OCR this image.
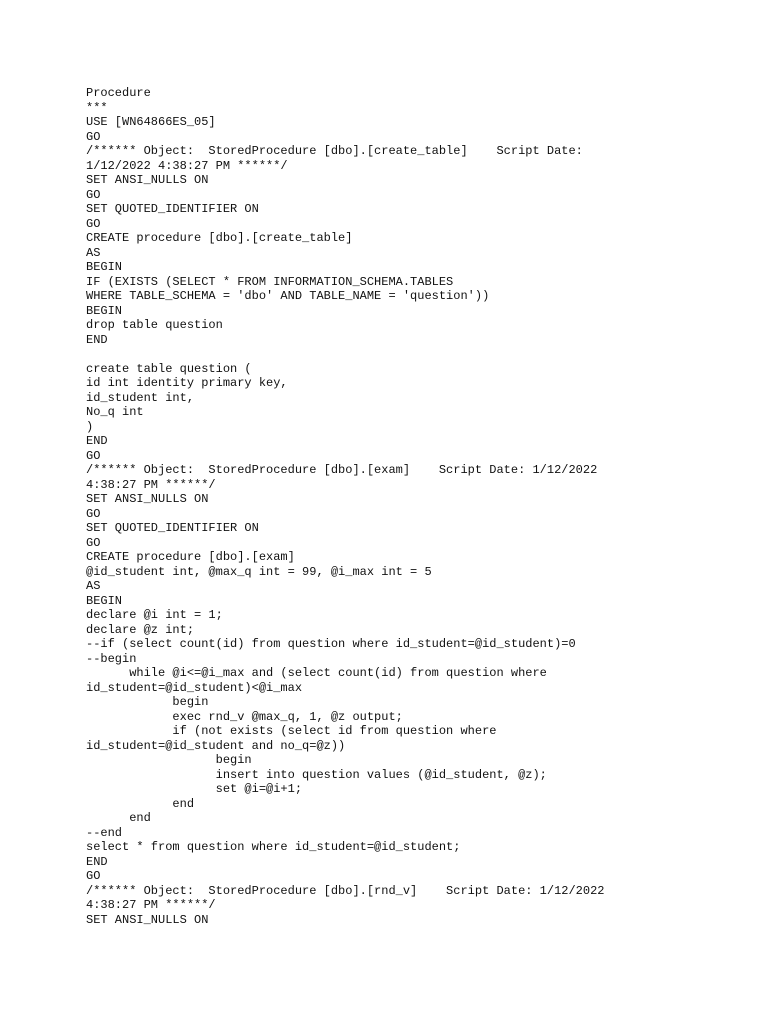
Procedure
***
USE [WN64866ES_05]
GO
/****** Object:  StoredProcedure [dbo].[create_table]    Script Date:
1/12/2022 4:38:27 PM ******/
SET ANSI_NULLS ON
GO
SET QUOTED_IDENTIFIER ON
GO
CREATE procedure [dbo].[create_table]
AS
BEGIN
IF (EXISTS (SELECT * FROM INFORMATION_SCHEMA.TABLES
WHERE TABLE_SCHEMA = 'dbo' AND TABLE_NAME = 'question'))
BEGIN
drop table question
END
create table question (
id int identity primary key,
id_student int,
No_q int
)
END
GO
/****** Object:  StoredProcedure [dbo].[exam]    Script Date: 1/12/2022
4:38:27 PM ******/
SET ANSI_NULLS ON
GO
SET QUOTED_IDENTIFIER ON
GO
CREATE procedure [dbo].[exam]
@id_student int, @max_q int = 99, @i_max int = 5
AS
BEGIN
declare @i int = 1;
declare @z int;
--if (select count(id) from question where id_student=@id_student)=0
--begin
while @i<=@i_max and (select count(id) from question where
id_student=@id_student)<@i_max
begin
exec rnd_v @max_q, 1, @z output;
if (not exists (select id from question where
id_student=@id_student and no_q=@z))
begin
insert into question values (@id_student, @z);
set @i=@i+1;
end
end
--end
select * from question where id_student=@id_student;
END
GO
/****** Object:  StoredProcedure [dbo].[rnd_v]    Script Date: 1/12/2022
4:38:27 PM ******/
SET ANSI_NULLS ON
